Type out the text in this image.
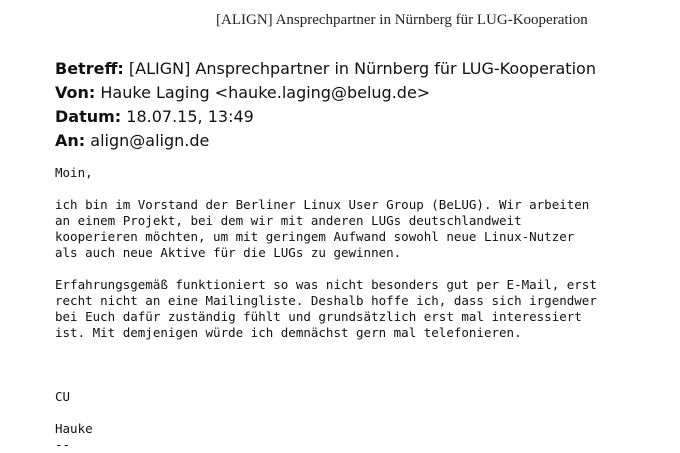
[ALIGN] Ansprechpartner in Nürnberg für LUG-Kooperation
Betreff: [ALIGN] Ansprechpartner in Nürnberg für LUG-Kooperation
Von: Hauke Laging <hauke.laging@belug.de>
Datum: 18.07.15, 13:49
An: align@align.de
Moin,

ich bin im Vorstand der Berliner Linux User Group (BeLUG). Wir arbeiten
an einem Projekt, bei dem wir mit anderen LUGs deutschlandweit
kooperieren möchten, um mit geringem Aufwand sowohl neue Linux-Nutzer
als auch neue Aktive für die LUGs zu gewinnen.

Erfahrungsgemäß funktioniert so was nicht besonders gut per E-Mail, erst
recht nicht an eine Mailingliste. Deshalb hoffe ich, dass sich irgendwer
bei Euch dafür zuständig fühlt und grundsätzlich erst mal interessiert
ist. Mit demjenigen würde ich demnächst gern mal telefonieren.

CU

Hauke
--
